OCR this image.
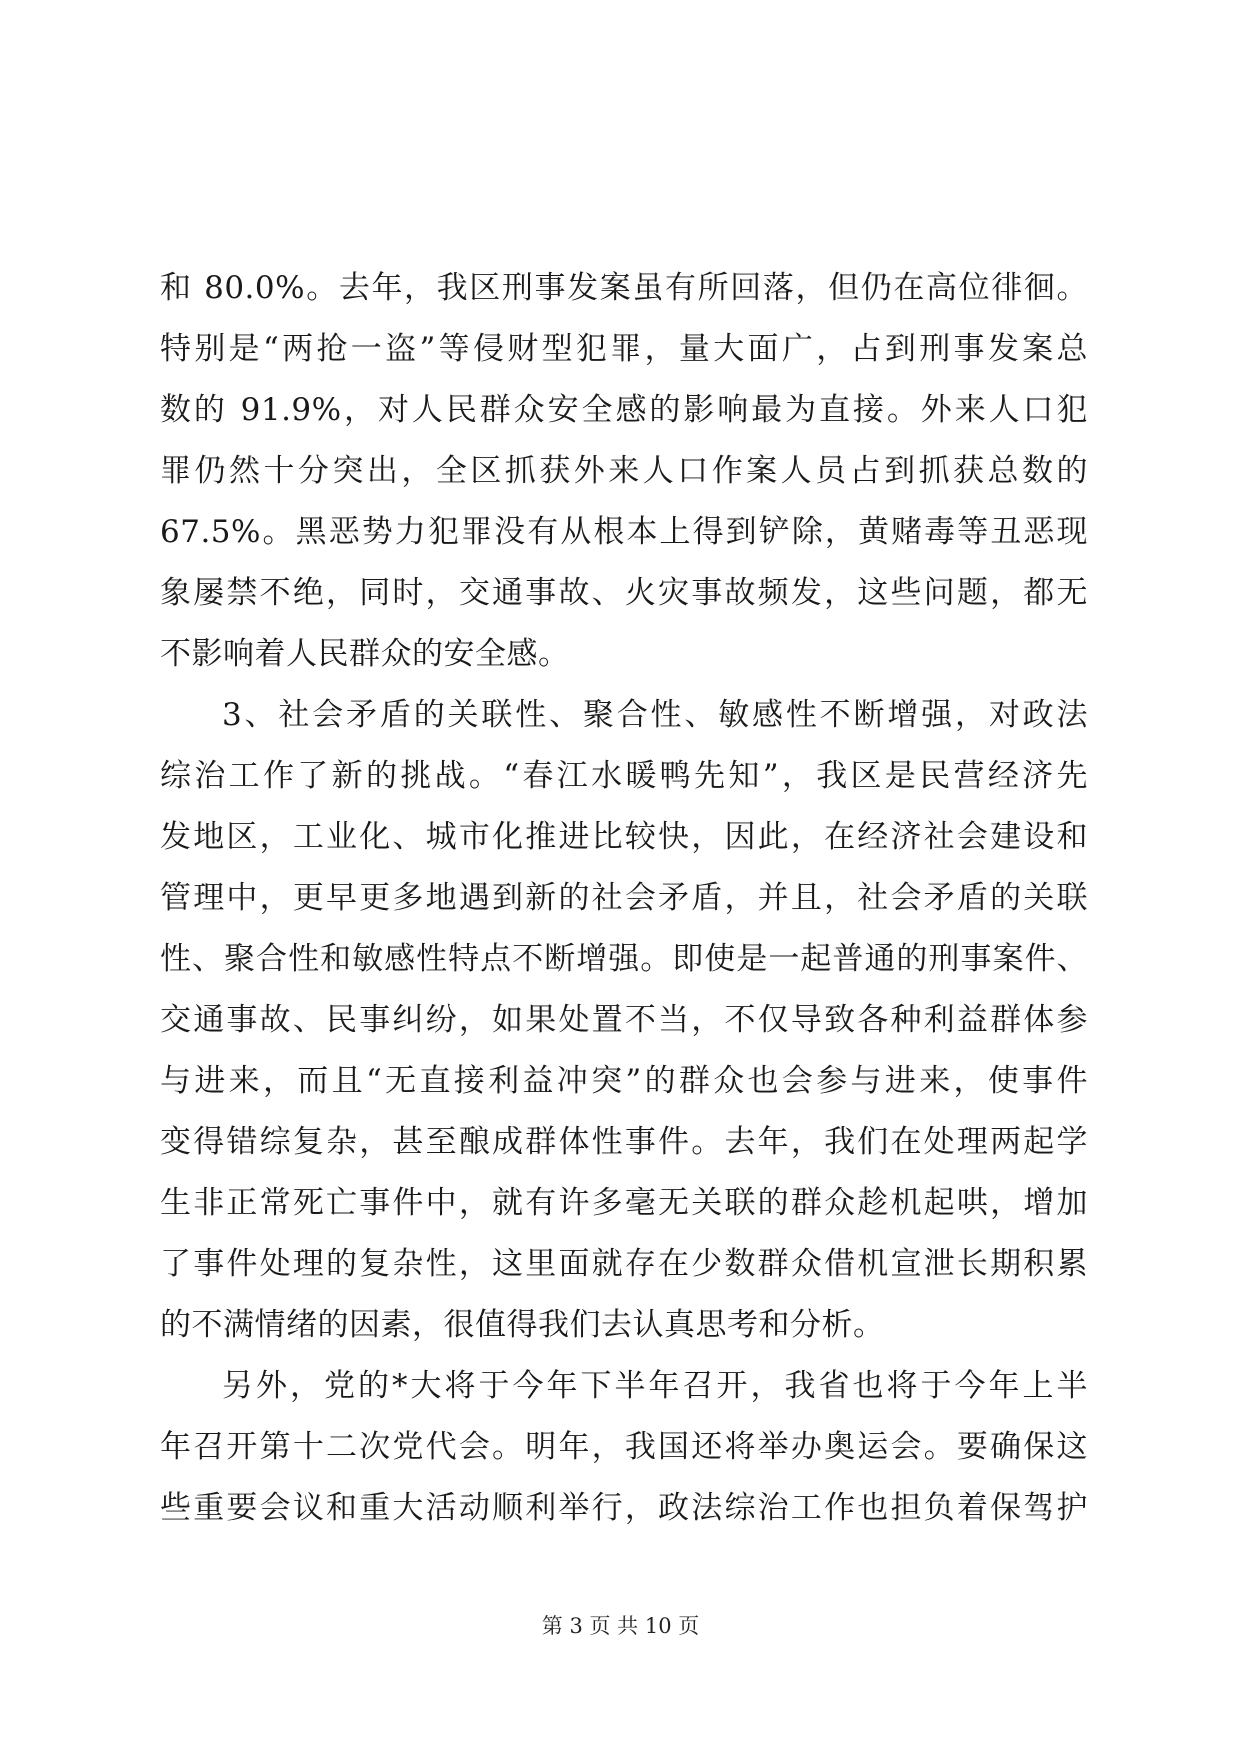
和 80.0%。去年，我区刑事发案虽有所回落，但仍在高位徘徊。
特别是“两抢一盗”等侵财型犯罪，量大面广，占到刑事发案总
数的 91.9%，对人民群众安全感的影响最为直接。外来人口犯
罪仍然十分突出，全区抓获外来人口作案人员占到抓获总数的
67.5%。黑恶势力犯罪没有从根本上得到铲除，黄赌毒等丑恶现
象屡禁不绝，同时，交通事故、火灾事故频发，这些问题，都无
不影响着人民群众的安全感。
3、社会矛盾的关联性、聚合性、敏感性不断增强，对政法
综治工作了新的挑战。“春江水暖鸭先知”，我区是民营经济先
发地区，工业化、城市化推进比较快，因此，在经济社会建设和
管理中，更早更多地遇到新的社会矛盾，并且，社会矛盾的关联
性、聚合性和敏感性特点不断增强。即使是一起普通的刑事案件、
交通事故、民事纠纷，如果处置不当，不仅导致各种利益群体参
与进来，而且“无直接利益冲突”的群众也会参与进来，使事件
变得错综复杂，甚至酿成群体性事件。去年，我们在处理两起学
生非正常死亡事件中，就有许多毫无关联的群众趁机起哄，增加
了事件处理的复杂性，这里面就存在少数群众借机宣泄长期积累
的不满情绪的因素，很值得我们去认真思考和分析。
另外，党的*大将于今年下半年召开，我省也将于今年上半
年召开第十二次党代会。明年，我国还将举办奥运会。要确保这
些重要会议和重大活动顺利举行，政法综治工作也担负着保驾护
第 3 页 共 10 页
